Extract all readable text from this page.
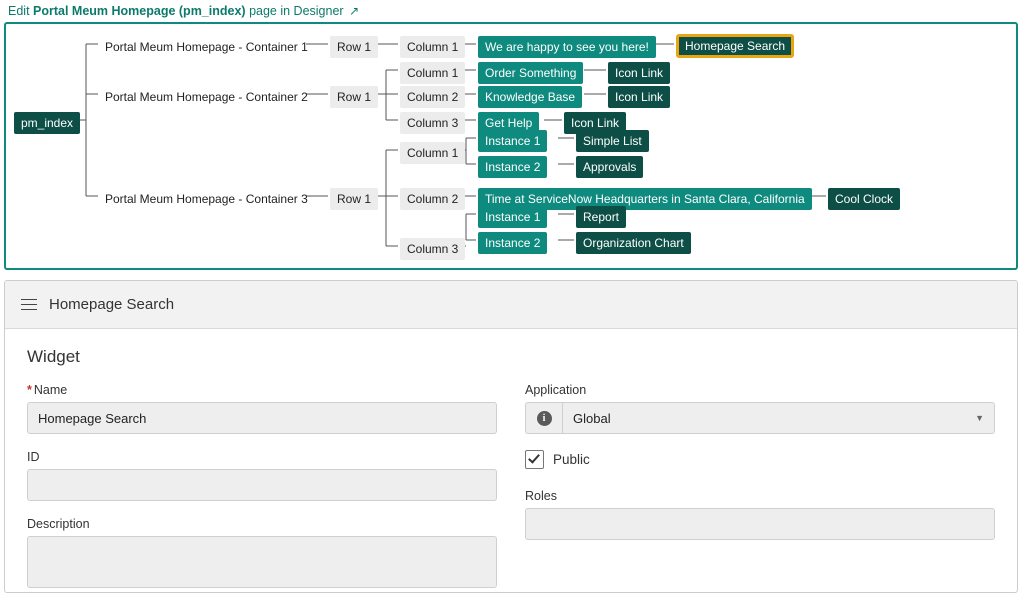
Edit Portal Meum Homepage (pm_index) page in Designer ↗
pm_index
Portal Meum Homepage - Container 1
Portal Meum Homepage - Container 2
Portal Meum Homepage - Container 3
Row 1
Row 1
Row 1
Column 1
Column 1
Column 2
Column 3
Column 1
Column 2
Column 3
We are happy to see you here!	Homepage Search
Order Something	Icon Link
Knowledge Base	Icon Link
Get Help	Icon Link
Instance 1	Simple List
Instance 2	Approvals
Time at ServiceNow Headquarters in Santa Clara, California	Cool Clock
Instance 1	Report
Instance 2	Organization Chart
Homepage Search
Widget
* Name
Homepage Search
ID
Description
Application
i	Global	▼
Public
Roles
